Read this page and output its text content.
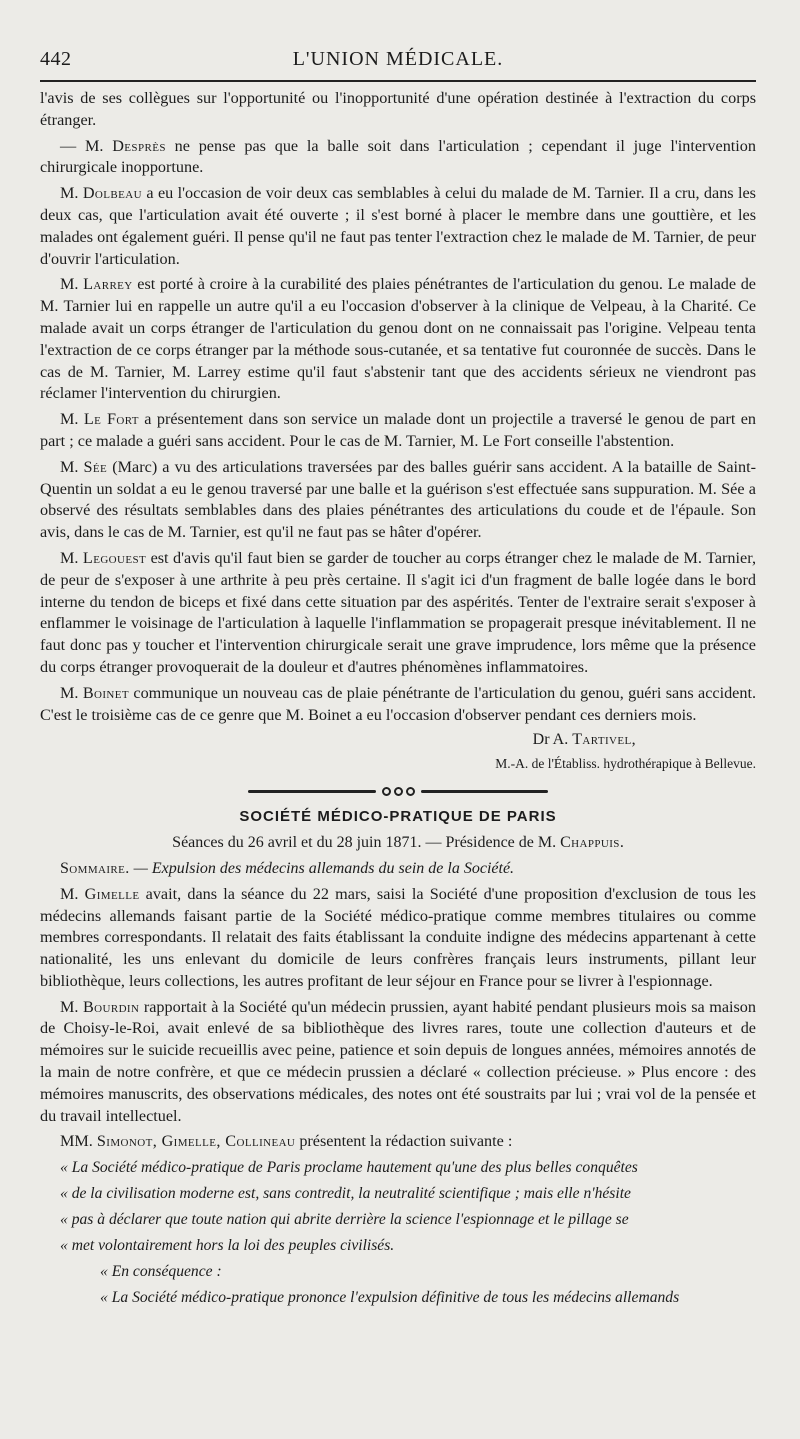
442	L'UNION MÉDICALE.

l'avis de ses collègues sur l'opportunité ou l'inopportunité d'une opération destinée à l'extraction du corps étranger.

— M. Desprès ne pense pas que la balle soit dans l'articulation ; cependant il juge l'intervention chirurgicale inopportune.

M. Dolbeau a eu l'occasion de voir deux cas semblables à celui du malade de M. Tarnier. Il a cru, dans les deux cas, que l'articulation avait été ouverte ; il s'est borné à placer le membre dans une gouttière, et les malades ont également guéri. Il pense qu'il ne faut pas tenter l'extraction chez le malade de M. Tarnier, de peur d'ouvrir l'articulation.

M. Larrey est porté à croire à la curabilité des plaies pénétrantes de l'articulation du genou. Le malade de M. Tarnier lui en rappelle un autre qu'il a eu l'occasion d'observer à la clinique de Velpeau, à la Charité. Ce malade avait un corps étranger de l'articulation du genou dont on ne connaissait pas l'origine. Velpeau tenta l'extraction de ce corps étranger par la méthode sous-cutanée, et sa tentative fut couronnée de succès. Dans le cas de M. Tarnier, M. Larrey estime qu'il faut s'abstenir tant que des accidents sérieux ne viendront pas réclamer l'intervention du chirurgien.

M. Le Fort a présentement dans son service un malade dont un projectile a traversé le genou de part en part ; ce malade a guéri sans accident. Pour le cas de M. Tarnier, M. Le Fort conseille l'abstention.

M. Sée (Marc) a vu des articulations traversées par des balles guérir sans accident. A la bataille de Saint-Quentin un soldat a eu le genou traversé par une balle et la guérison s'est effectuée sans suppuration. M. Sée a observé des résultats semblables dans des plaies pénétrantes des articulations du coude et de l'épaule. Son avis, dans le cas de M. Tarnier, est qu'il ne faut pas se hâter d'opérer.

M. Legouest est d'avis qu'il faut bien se garder de toucher au corps étranger chez le malade de M. Tarnier, de peur de s'exposer à une arthrite à peu près certaine. Il s'agit ici d'un fragment de balle logée dans le bord interne du tendon de biceps et fixé dans cette situation par des aspérités. Tenter de l'extraire serait s'exposer à enflammer le voisinage de l'articulation à laquelle l'inflammation se propagerait presque inévitablement. Il ne faut donc pas y toucher et l'intervention chirurgicale serait une grave imprudence, lors même que la présence du corps étranger provoquerait de la douleur et d'autres phénomènes inflammatoires.

M. Boinet communique un nouveau cas de plaie pénétrante de l'articulation du genou, guéri sans accident. C'est le troisième cas de ce genre que M. Boinet a eu l'occasion d'observer pendant ces derniers mois.

Dr A. Tartivel,

M.-A. de l'Établiss. hydrothérapique à Bellevue.

SOCIÉTÉ MÉDICO-PRATIQUE DE PARIS

Séances du 26 avril et du 28 juin 1871. — Présidence de M. Chappuis.

Sommaire. — Expulsion des médecins allemands du sein de la Société.

M. Gimelle avait, dans la séance du 22 mars, saisi la Société d'une proposition d'exclusion de tous les médecins allemands faisant partie de la Société médico-pratique comme membres titulaires ou comme membres correspondants. Il relatait des faits établissant la conduite indigne des médecins appartenant à cette nationalité, les uns enlevant du domicile de leurs confrères français leurs instruments, pillant leur bibliothèque, leurs collections, les autres profitant de leur séjour en France pour se livrer à l'espionnage.

M. Bourdin rapportait à la Société qu'un médecin prussien, ayant habité pendant plusieurs mois sa maison de Choisy-le-Roi, avait enlevé de sa bibliothèque des livres rares, toute une collection d'auteurs et de mémoires sur le suicide recueillis avec peine, patience et soin depuis de longues années, mémoires annotés de la main de notre confrère, et que ce médecin prussien a déclaré « collection précieuse. » Plus encore : des mémoires manuscrits, des observations médicales, des notes ont été soustraits par lui ; vrai vol de la pensée et du travail intellectuel.

MM. Simonot, Gimelle, Collineau présentent la rédaction suivante :

« La Société médico-pratique de Paris proclame hautement qu'une des plus belles conquêtes

« de la civilisation moderne est, sans contredit, la neutralité scientifique ; mais elle n'hésite

« pas à déclarer que toute nation qui abrite derrière la science l'espionnage et le pillage se

« met volontairement hors la loi des peuples civilisés.

« En conséquence :

« La Société médico-pratique prononce l'expulsion définitive de tous les médecins allemands
